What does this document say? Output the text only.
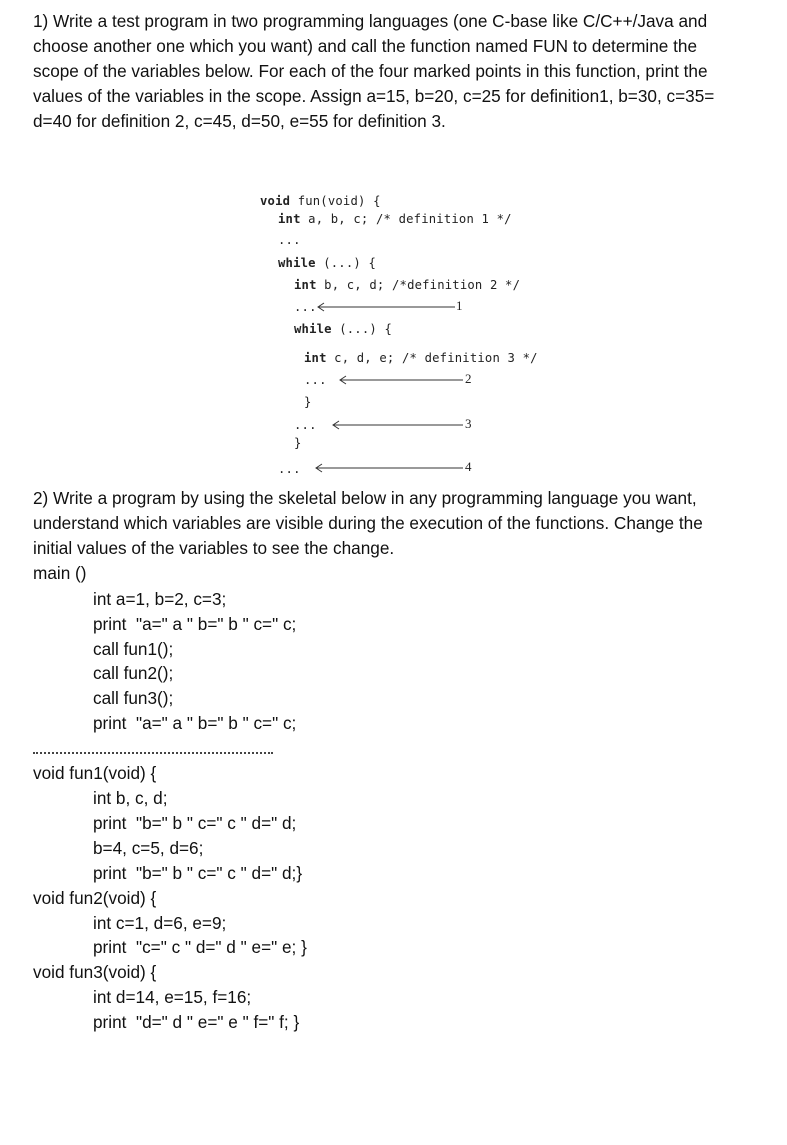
1) Write a test program in two programming languages (one C-base like C/C++/Java and
choose another one which you want) and call the function named FUN to determine the
scope of the variables below. For each of the four marked points in this function, print the
values of the variables in the scope. Assign a=15, b=20, c=25 for definition1, b=30, c=35=
d=40 for definition 2, c=45, d=50, e=55 for definition 3.
void fun(void) {
int a, b, c; /* definition 1 */
...
while (...) {
int b, c, d; /*definition 2 */
...
while (...) {
int c, d, e; /* definition 3 */
...
}
...
}
...
1
2
3
4
2) Write a program by using the skeletal below in any programming language you want,
understand which variables are visible during the execution of the functions. Change the
initial values of the variables to see the change.
main ()
int a=1, b=2, c=3;
print  "a=" a " b=" b " c=" c;
call fun1();
call fun2();
call fun3();
print  "a=" a " b=" b " c=" c;
void fun1(void) {
int b, c, d;
print  "b=" b " c=" c " d=" d;
b=4, c=5, d=6;
print  "b=" b " c=" c " d=" d;}
void fun2(void) {
int c=1, d=6, e=9;
print  "c=" c " d=" d " e=" e; }
void fun3(void) {
int d=14, e=15, f=16;
print  "d=" d " e=" e " f=" f; }
